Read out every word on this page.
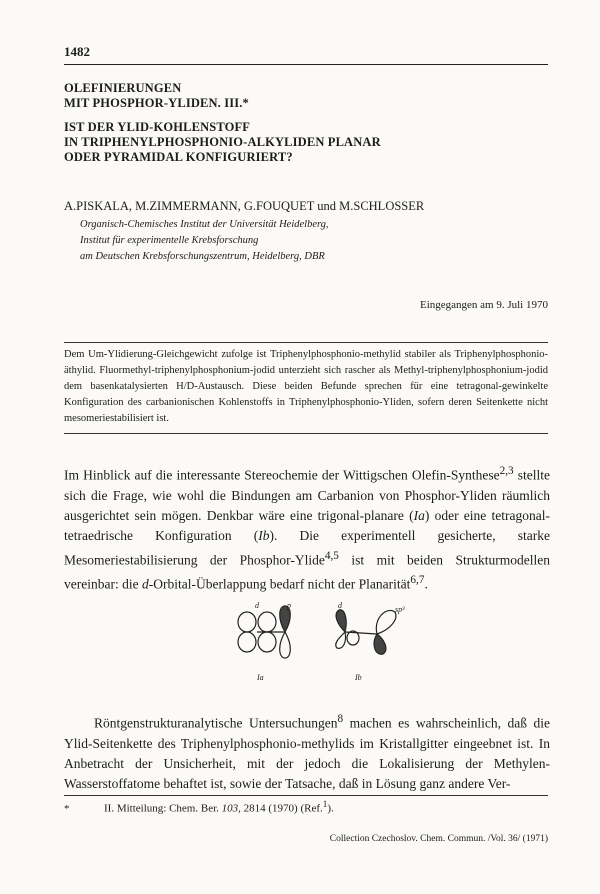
1482
OLEFINIERUNGEN
MIT PHOSPHOR-YLIDEN. III.*
IST DER YLID-KOHLENSTOFF
IN TRIPHENYLPHOSPHONIO-ALKYLIDEN PLANAR
ODER PYRAMIDAL KONFIGURIERT?
A.PISKALA, M.ZIMMERMANN, G.FOUQUET und M.SCHLOSSER
Organisch-Chemisches Institut der Universität Heidelberg,
Institut für experimentelle Krebsforschung
am Deutschen Krebsforschungszentrum, Heidelberg, DBR
Eingegangen am 9. Juli 1970
Dem Um-Ylidierung-Gleichgewicht zufolge ist Triphenylphosphonio-methylid stabiler als Triphenylphosphonio-äthylid. Fluormethyl-triphenylphosphonium-jodid unterzieht sich rascher als Methyl-triphenylphosphonium-jodid dem basenkatalysierten H/D-Austausch. Diese beiden Befunde sprechen für eine tetragonal-gewinkelte Konfiguration des carbanionischen Kohlenstoffs in Triphenylphosphonio-Yliden, sofern deren Seitenkette nicht mesomeriestabilisiert ist.
Im Hinblick auf die interessante Stereochemie der Wittigschen Olefin-Synthese$^{2,3}$ stellte sich die Frage, wie wohl die Bindungen am Carbanion von Phosphor-Yliden räumlich ausgerichtet sein mögen. Denkbar wäre eine trigonal-planare (Ia) oder eine tetragonal-tetraedrische Konfiguration (Ib). Die experimentell gesicherte, starke Mesomeriestabilisierung der Phosphor-Ylide$^{4,5}$ ist mit beiden Strukturmodellen vereinbar: die d-Orbital-Überlappung bedarf nicht der Planarität$^{6,7}$.
d	p	d	sp³
Ia	Ib
Röntgenstrukturanalytische Untersuchungen$^8$ machen es wahrscheinlich, daß die Ylid-Seitenkette des Triphenylphosphonio-methylids im Kristallgitter eingeebnet ist. In Anbetracht der Unsicherheit, mit der jedoch die Lokalisierung der Methylen-Wasserstoffatome behaftet ist, sowie der Tatsache, daß in Lösung ganz andere Ver-
*	II. Mitteilung: Chem. Ber. 103, 2814 (1970) (Ref.$^1$).
Collection Czechoslov. Chem. Commun. /Vol. 36/ (1971)
